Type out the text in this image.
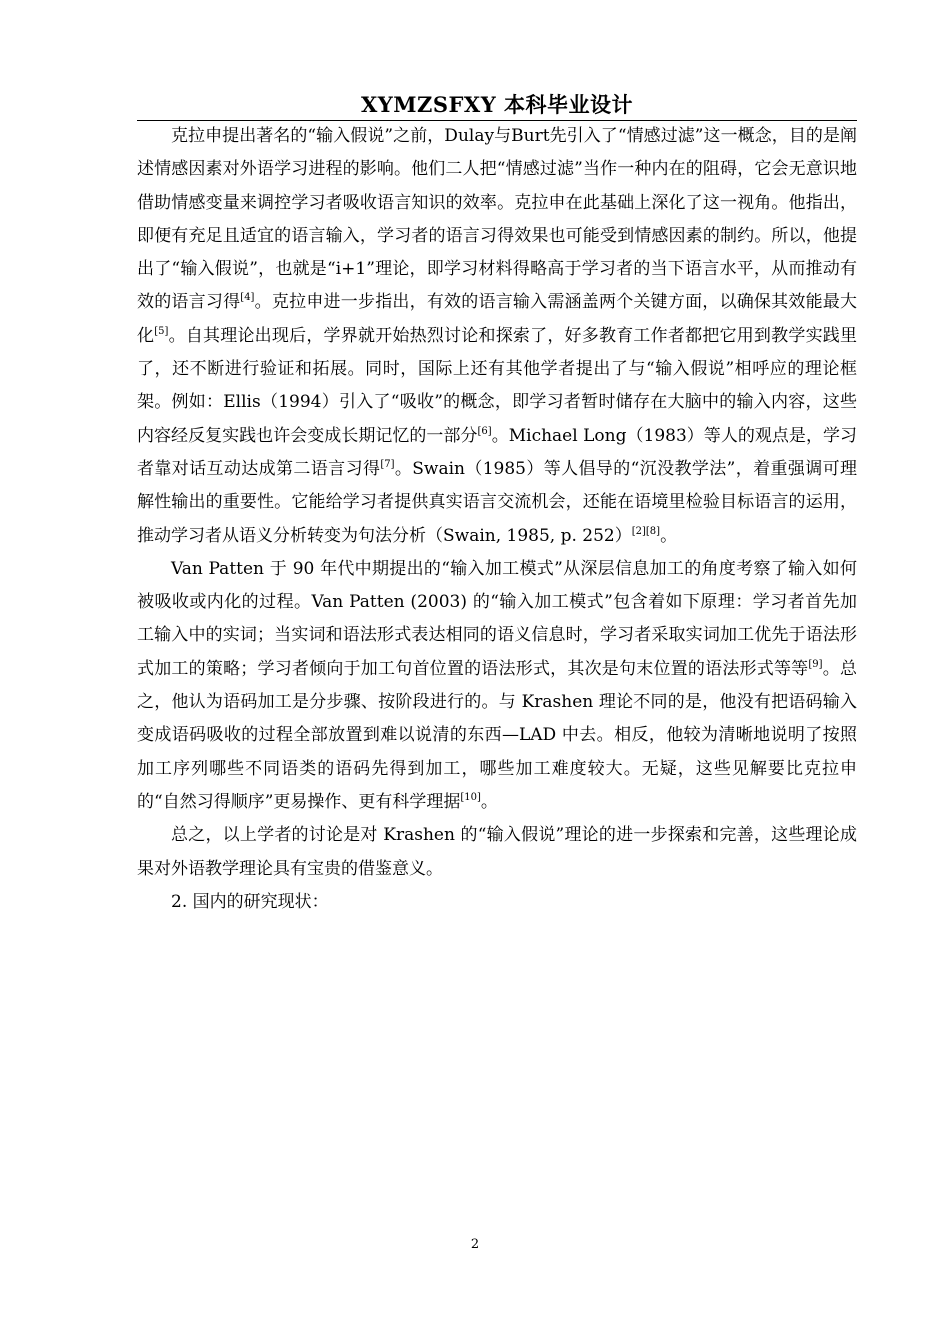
XYMZSFXY 本科毕业设计

克拉申提出著名的“输入假说”之前，Dulay与Burt先引入了“情感过滤”这一概念，目的是阐述情感因素对外语学习进程的影响。他们二人把“情感过滤”当作一种内在的阻碍，它会无意识地借助情感变量来调控学习者吸收语言知识的效率。克拉申在此基础上深化了这一视角。他指出，即便有充足且适宜的语言输入，学习者的语言习得效果也可能受到情感因素的制约。所以，他提出了“输入假说”，也就是“i+1”理论，即学习材料得略高于学习者的当下语言水平，从而推动有效的语言习得[4]。克拉申进一步指出，有效的语言输入需涵盖两个关键方面，以确保其效能最大化[5]。自其理论出现后，学界就开始热烈讨论和探索了，好多教育工作者都把它用到教学实践里了，还不断进行验证和拓展。同时，国际上还有其他学者提出了与“输入假说”相呼应的理论框架。例如：Ellis（1994）引入了“吸收”的概念，即学习者暂时储存在大脑中的输入内容，这些内容经反复实践也许会变成长期记忆的一部分[6]。Michael Long（1983）等人的观点是，学习者靠对话互动达成第二语言习得[7]。Swain（1985）等人倡导的“沉没教学法”，着重强调可理解性输出的重要性。它能给学习者提供真实语言交流机会，还能在语境里检验目标语言的运用，推动学习者从语义分析转变为句法分析（Swain, 1985, p. 252）[2][8]。

Van Patten 于 90 年代中期提出的“输入加工模式”从深层信息加工的角度考察了输入如何被吸收或内化的过程。Van Patten (2003) 的“输入加工模式”包含着如下原理：学习者首先加工输入中的实词；当实词和语法形式表达相同的语义信息时，学习者采取实词加工优先于语法形式加工的策略；学习者倾向于加工句首位置的语法形式，其次是句末位置的语法形式等等[9]。总之，他认为语码加工是分步骤、按阶段进行的。与 Krashen 理论不同的是，他没有把语码输入变成语码吸收的过程全部放置到难以说清的东西—LAD 中去。相反，他较为清晰地说明了按照加工序列哪些不同语类的语码先得到加工，哪些加工难度较大。无疑，这些见解要比克拉申的“自然习得顺序”更易操作、更有科学理据[10]。

总之，以上学者的讨论是对 Krashen 的“输入假说”理论的进一步探索和完善，这些理论成果对外语教学理论具有宝贵的借鉴意义。

2. 国内的研究现状：

2
